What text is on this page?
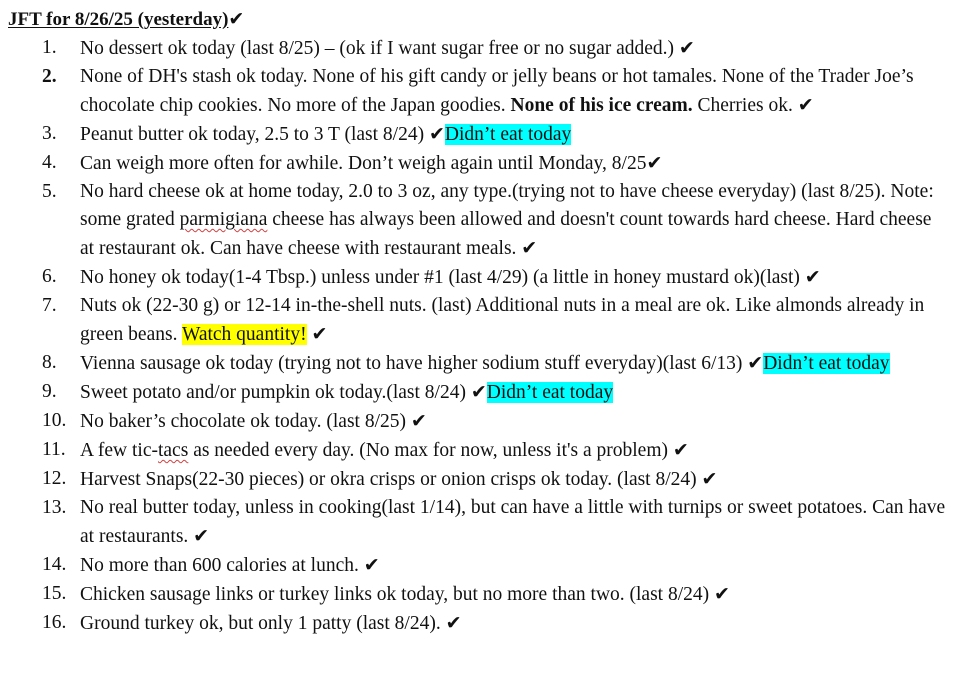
JFT for 8/26/25 (yesterday)✔
1.	No dessert ok today (last 8/25) – (ok if I want sugar free or no sugar added.) ✔
2.	None of DH's stash ok today. None of his gift candy or jelly beans or hot tamales. None of the Trader Joe’s chocolate chip cookies. No more of the Japan goodies. None of his ice cream. Cherries ok. ✔
3.	Peanut butter ok today, 2.5 to 3 T (last 8/24) ✔Didn’t eat today
4.	Can weigh more often for awhile. Don’t weigh again until Monday, 8/25✔
5.	No hard cheese ok at home today, 2.0 to 3 oz, any type.(trying not to have cheese everyday) (last 8/25). Note: some grated parmigiana cheese has always been allowed and doesn't count towards hard cheese. Hard cheese at restaurant ok. Can have cheese with restaurant meals. ✔
6.	No honey ok today(1-4 Tbsp.) unless under #1 (last 4/29) (a little in honey mustard ok)(last) ✔
7.	Nuts ok (22-30 g) or 12-14 in-the-shell nuts. (last) Additional nuts in a meal are ok. Like almonds already in green beans. Watch quantity! ✔
8.	Vienna sausage ok today (trying not to have higher sodium stuff everyday)(last 6/13) ✔Didn’t eat today
9.	Sweet potato and/or pumpkin ok today.(last 8/24) ✔Didn’t eat today
10. No baker’s chocolate ok today. (last 8/25) ✔
11. A few tic-tacs as needed every day. (No max for now, unless it's a problem) ✔
12. Harvest Snaps(22-30 pieces) or okra crisps or onion crisps ok today. (last 8/24) ✔
13. No real butter today, unless in cooking(last 1/14), but can have a little with turnips or sweet potatoes. Can have at restaurants. ✔
14. No more than 600 calories at lunch. ✔
15. Chicken sausage links or turkey links ok today, but no more than two. (last 8/24) ✔
16. Ground turkey ok, but only 1 patty (last 8/24). ✔
